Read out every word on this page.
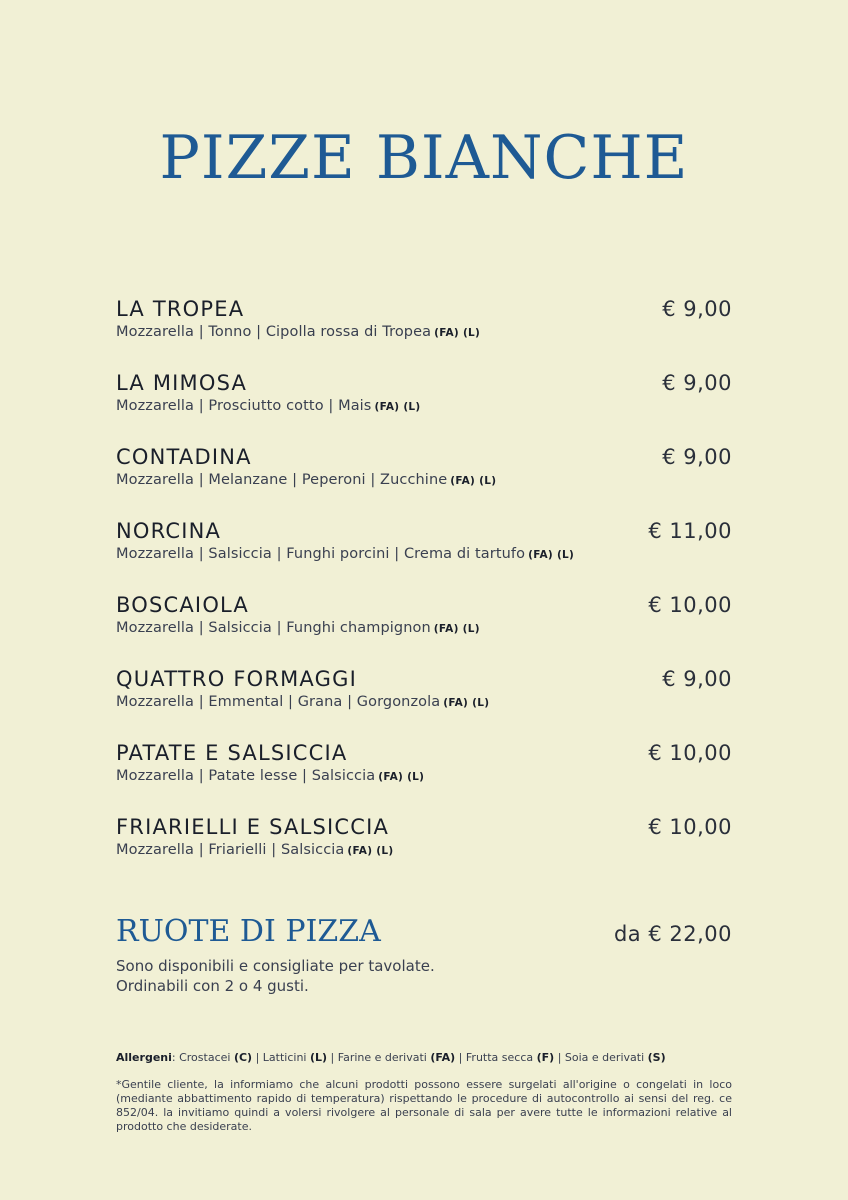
PIZZE BIANCHE
LA TROPEA	€ 9,00
Mozzarella | Tonno | Cipolla rossa di Tropea (FA) (L)
LA MIMOSA	€ 9,00
Mozzarella | Prosciutto cotto | Mais (FA) (L)
CONTADINA	€ 9,00
Mozzarella | Melanzane | Peperoni | Zucchine (FA) (L)
NORCINA	€ 11,00
Mozzarella | Salsiccia | Funghi porcini | Crema di tartufo (FA) (L)
BOSCAIOLA	€ 10,00
Mozzarella | Salsiccia | Funghi champignon (FA) (L)
QUATTRO FORMAGGI	€ 9,00
Mozzarella | Emmental | Grana | Gorgonzola (FA) (L)
PATATE E SALSICCIA	€ 10,00
Mozzarella | Patate lesse | Salsiccia (FA) (L)
FRIARIELLI E SALSICCIA	€ 10,00
Mozzarella | Friarielli | Salsiccia (FA) (L)
RUOTE DI PIZZA	da € 22,00
Sono disponibili e consigliate per tavolate.
Ordinabili con 2 o 4 gusti.
Allergeni: Crostacei (C) | Latticini (L) | Farine e derivati (FA) | Frutta secca (F) | Soia e derivati (S)
*Gentile cliente, la informiamo che alcuni prodotti possono essere surgelati all'origine o congelati in loco (mediante abbattimento rapido di temperatura) rispettando le procedure di autocontrollo ai sensi del reg. ce 852/04. la invitiamo quindi a volersi rivolgere al personale di sala per avere tutte le informazioni relative al prodotto che desiderate.
